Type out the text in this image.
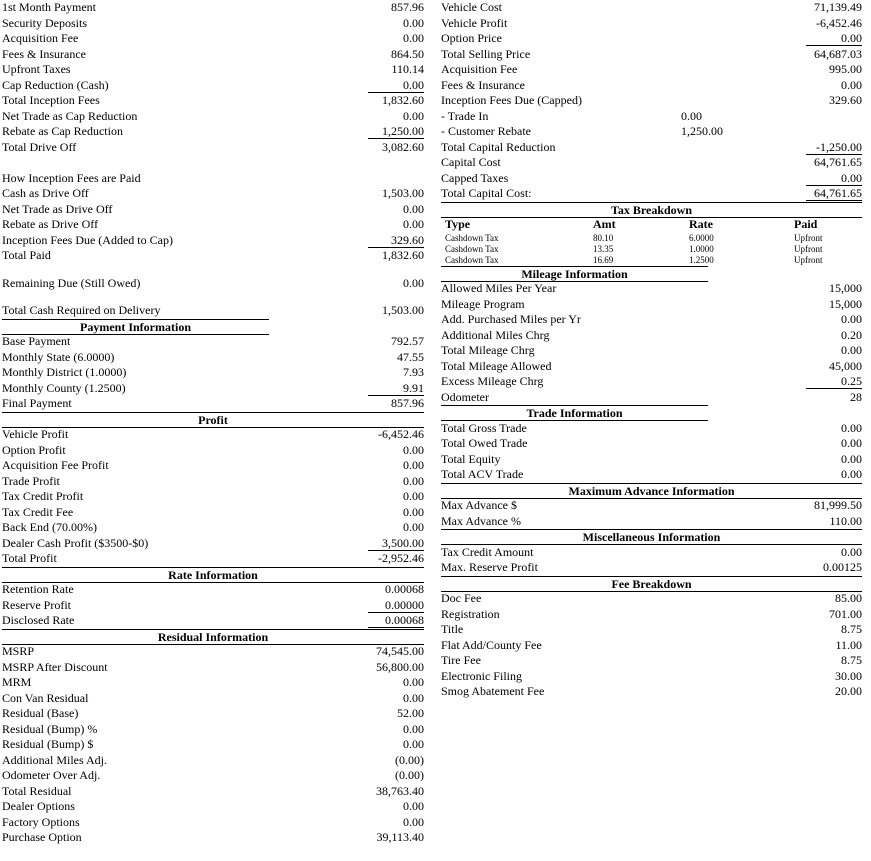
1st Month Payment	857.96
Security Deposits	0.00
Acquisition Fee	0.00
Fees & Insurance	864.50
Upfront Taxes	110.14
Cap Reduction (Cash)	0.00
Total Inception Fees	1,832.60
Net Trade as Cap Reduction	0.00
Rebate as Cap Reduction	1,250.00
Total Drive Off	3,082.60
How Inception Fees are Paid
Cash as Drive Off	1,503.00
Net Trade as Drive Off	0.00
Rebate as Drive Off	0.00
Inception Fees Due (Added to Cap)	329.60
Total Paid	1,832.60
Remaining Due (Still Owed)	0.00
Total Cash Required on Delivery	1,503.00
Payment Information
Base Payment	792.57
Monthly State (6.0000)	47.55
Monthly District (1.0000)	7.93
Monthly County (1.2500)	9.91
Final Payment	857.96
Profit
Vehicle Profit	-6,452.46
Option Profit	0.00
Acquisition Fee Profit	0.00
Trade Profit	0.00
Tax Credit Profit	0.00
Tax Credit Fee	0.00
Back End (70.00%)	0.00
Dealer Cash Profit ($3500-$0)	3,500.00
Total Profit	-2,952.46
Rate Information
Retention Rate	0.00068
Reserve Profit	0.00000
Disclosed Rate	0.00068
Residual Information
MSRP	74,545.00
MSRP After Discount	56,800.00
MRM	0.00
Con Van Residual	0.00
Residual (Base)	52.00
Residual (Bump) %	0.00
Residual (Bump) $	0.00
Additional Miles Adj.	(0.00)
Odometer Over Adj.	(0.00)
Total Residual	38,763.40
Dealer Options	0.00
Factory Options	0.00
Purchase Option	39,113.40
Vehicle Cost	71,139.49
Vehicle Profit	-6,452.46
Option Price	0.00
Total Selling Price	64,687.03
Acquisition Fee	995.00
Fees & Insurance	0.00
Inception Fees Due (Capped)	329.60
- Trade In	0.00
- Customer Rebate	1,250.00
Total Capital Reduction	-1,250.00
Capital Cost	64,761.65
Capped Taxes	0.00
Total Capital Cost:	64,761.65
Tax Breakdown
Type	Amt	Rate	Paid
Cashdown Tax	80.10	6.0000	Upfront
Cashdown Tax	13.35	1.0000	Upfront
Cashdown Tax	16.69	1.2500	Upfront
Mileage Information
Allowed Miles Per Year	15,000
Mileage Program	15,000
Add. Purchased Miles per Yr	0.00
Additional Miles Chrg	0.20
Total Mileage Chrg	0.00
Total Mileage Allowed	45,000
Excess Mileage Chrg	0.25
Odometer	28
Trade Information
Total Gross Trade	0.00
Total Owed Trade	0.00
Total Equity	0.00
Total ACV Trade	0.00
Maximum Advance Information
Max Advance $	81,999.50
Max Advance %	110.00
Miscellaneous Information
Tax Credit Amount	0.00
Max. Reserve Profit	0.00125
Fee Breakdown
Doc Fee	85.00
Registration	701.00
Title	8.75
Flat Add/County Fee	11.00
Tire Fee	8.75
Electronic Filing	30.00
Smog Abatement Fee	20.00
